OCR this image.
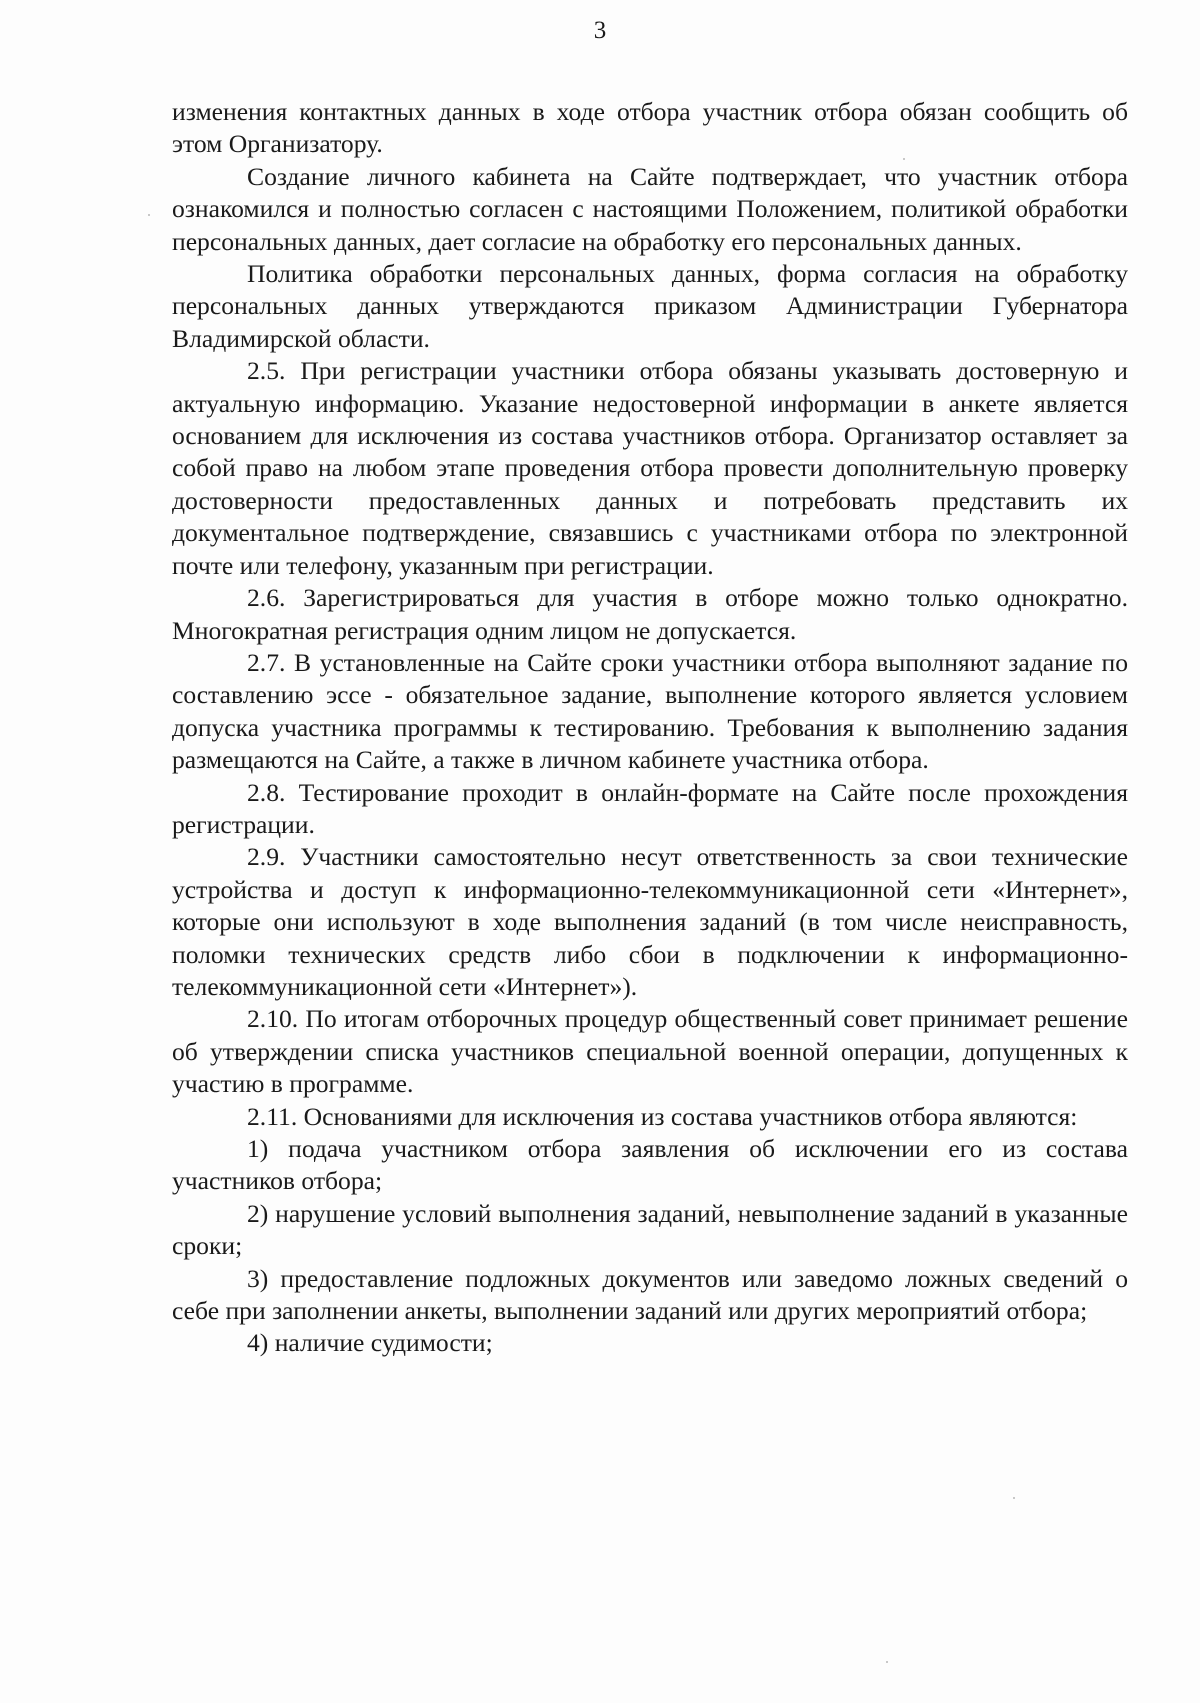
3

изменения контактных данных в ходе отбора участник отбора обязан сообщить об этом Организатору.

Создание личного кабинета на Сайте подтверждает, что участник отбора ознакомился и полностью согласен с настоящими Положением, политикой обработки персональных данных, дает согласие на обработку его персональных данных.

Политика обработки персональных данных, форма согласия на обработку персональных данных утверждаются приказом Администрации Губернатора Владимирской области.

2.5. При регистрации участники отбора обязаны указывать достоверную и актуальную информацию. Указание недостоверной информации в анкете является основанием для исключения из состава участников отбора. Организатор оставляет за собой право на любом этапе проведения отбора провести дополнительную проверку достоверности предоставленных данных и потребовать представить их документальное подтверждение, связавшись с участниками отбора по электронной почте или телефону, указанным при регистрации.

2.6. Зарегистрироваться для участия в отборе можно только однократно. Многократная регистрация одним лицом не допускается.

2.7. В установленные на Сайте сроки участники отбора выполняют задание по составлению эссе - обязательное задание, выполнение которого является условием допуска участника программы к тестированию. Требования к выполнению задания размещаются на Сайте, а также в личном кабинете участника отбора.

2.8. Тестирование проходит в онлайн-формате на Сайте после прохождения регистрации.

2.9. Участники самостоятельно несут ответственность за свои технические устройства и доступ к информационно-телекоммуникационной сети «Интернет», которые они используют в ходе выполнения заданий (в том числе неисправность, поломки технических средств либо сбои в подключении к информационно-телекоммуникационной сети «Интернет»).

2.10. По итогам отборочных процедур общественный совет принимает решение об утверждении списка участников специальной военной операции, допущенных к участию в программе.

2.11. Основаниями для исключения из состава участников отбора являются:

1) подача участником отбора заявления об исключении его из состава участников отбора;

2) нарушение условий выполнения заданий, невыполнение заданий в указанные сроки;

3) предоставление подложных документов или заведомо ложных сведений о себе при заполнении анкеты, выполнении заданий или других мероприятий отбора;

4) наличие судимости;
